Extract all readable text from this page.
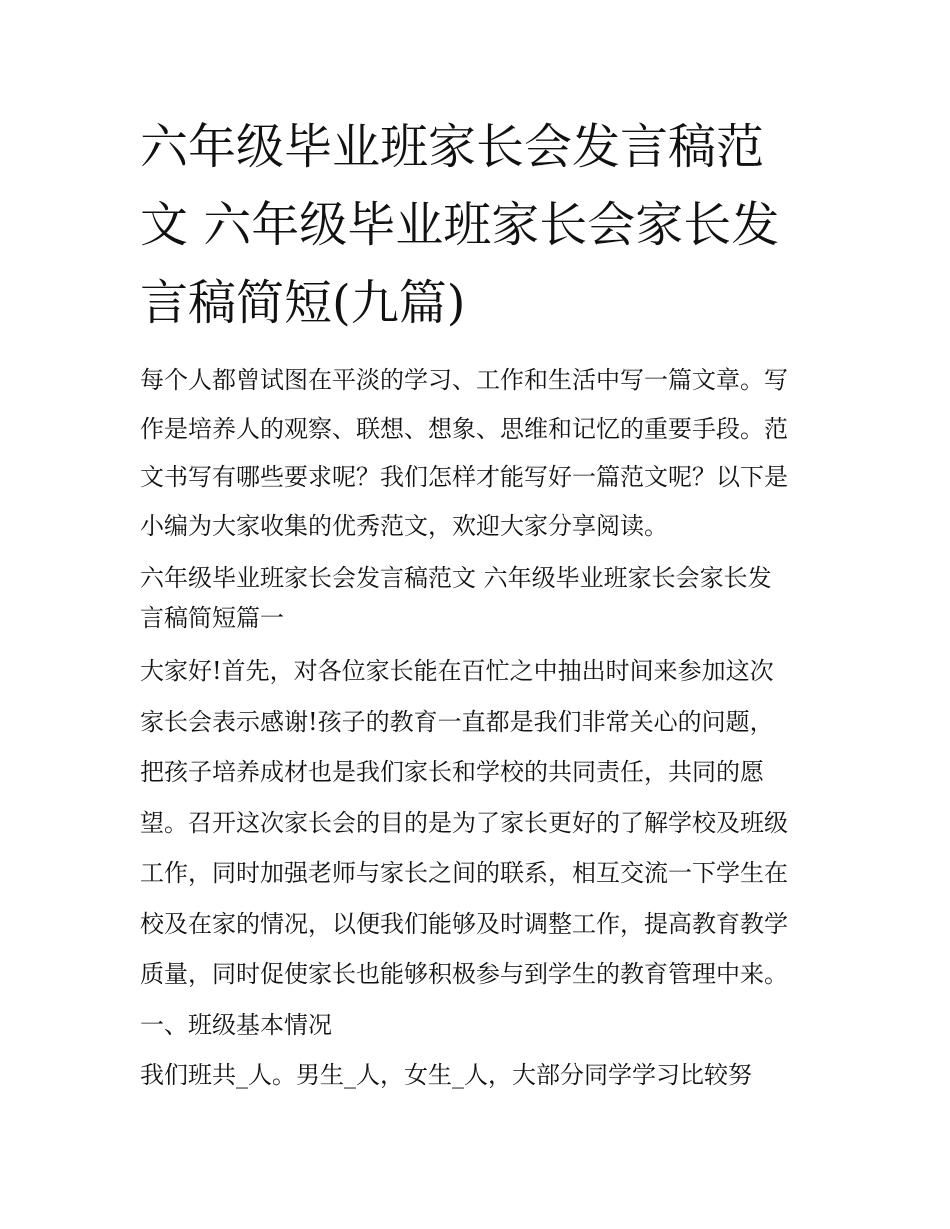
六年级毕业班家长会发言稿范
文 六年级毕业班家长会家长发
言稿简短(九篇)

每个人都曾试图在平淡的学习、工作和生活中写一篇文章。写
作是培养人的观察、联想、想象、思维和记忆的重要手段。范
文书写有哪些要求呢？我们怎样才能写好一篇范文呢？以下是
小编为大家收集的优秀范文，欢迎大家分享阅读。

六年级毕业班家长会发言稿范文 六年级毕业班家长会家长发
言稿简短篇一

大家好!首先，对各位家长能在百忙之中抽出时间来参加这次
家长会表示感谢!孩子的教育一直都是我们非常关心的问题，
把孩子培养成材也是我们家长和学校的共同责任，共同的愿
望。召开这次家长会的目的是为了家长更好的了解学校及班级
工作，同时加强老师与家长之间的联系，相互交流一下学生在
校及在家的情况，以便我们能够及时调整工作，提高教育教学
质量，同时促使家长也能够积极参与到学生的教育管理中来。

一、班级基本情况

我们班共_人。男生_人，女生_人，大部分同学学习比较努
